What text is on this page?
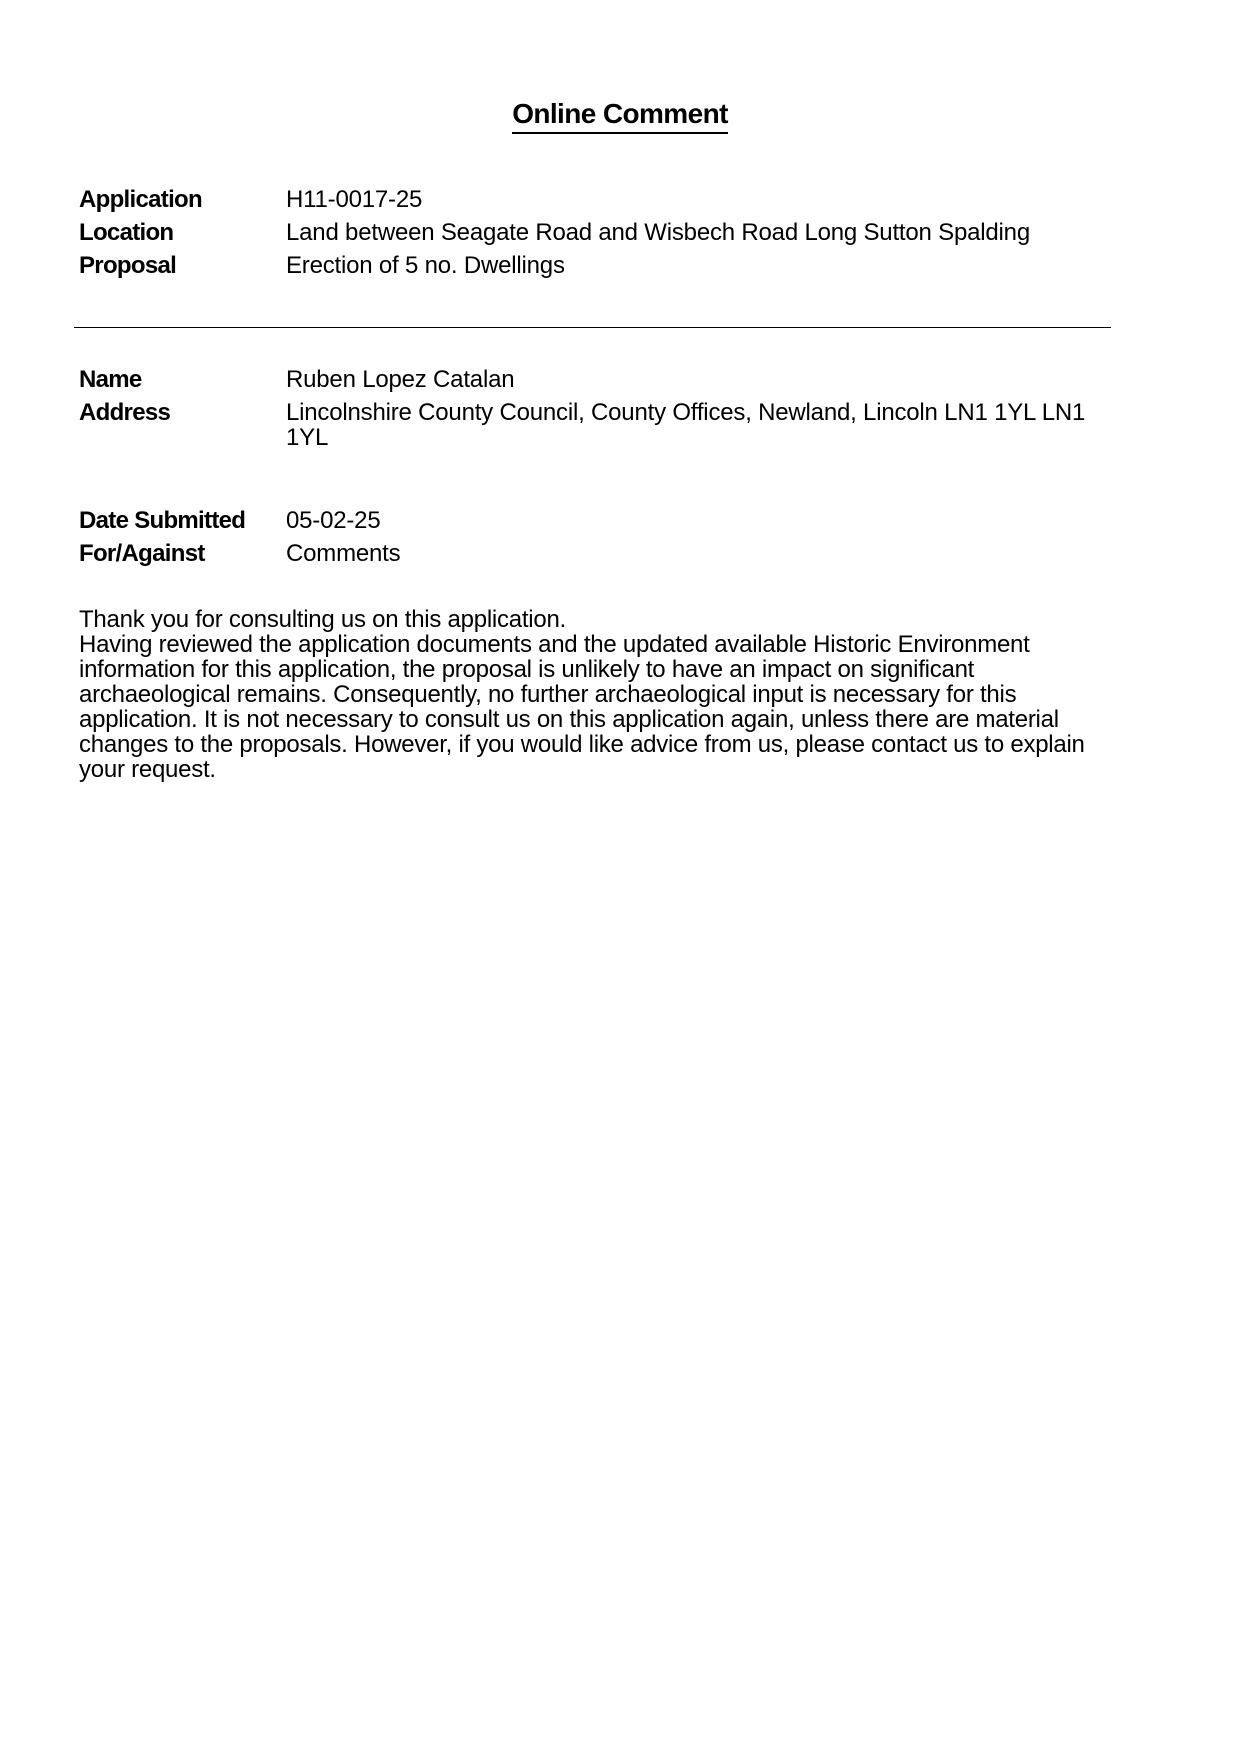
Online Comment
Application	H11-0017-25
Location	Land between Seagate Road and Wisbech Road Long Sutton Spalding
Proposal	Erection of 5 no. Dwellings
Name	Ruben Lopez Catalan
Address	Lincolnshire County Council, County Offices, Newland, Lincoln LN1 1YL LN1 1YL
Date Submitted 05-02-25
For/Against	Comments

Thank you for consulting us on this application.

Having reviewed the application documents and the updated available Historic Environment information for this application, the proposal is unlikely to have an impact on significant archaeological remains. Consequently, no further archaeological input is necessary for this application. It is not necessary to consult us on this application again, unless there are material changes to the proposals. However, if you would like advice from us, please contact us to explain your request.
